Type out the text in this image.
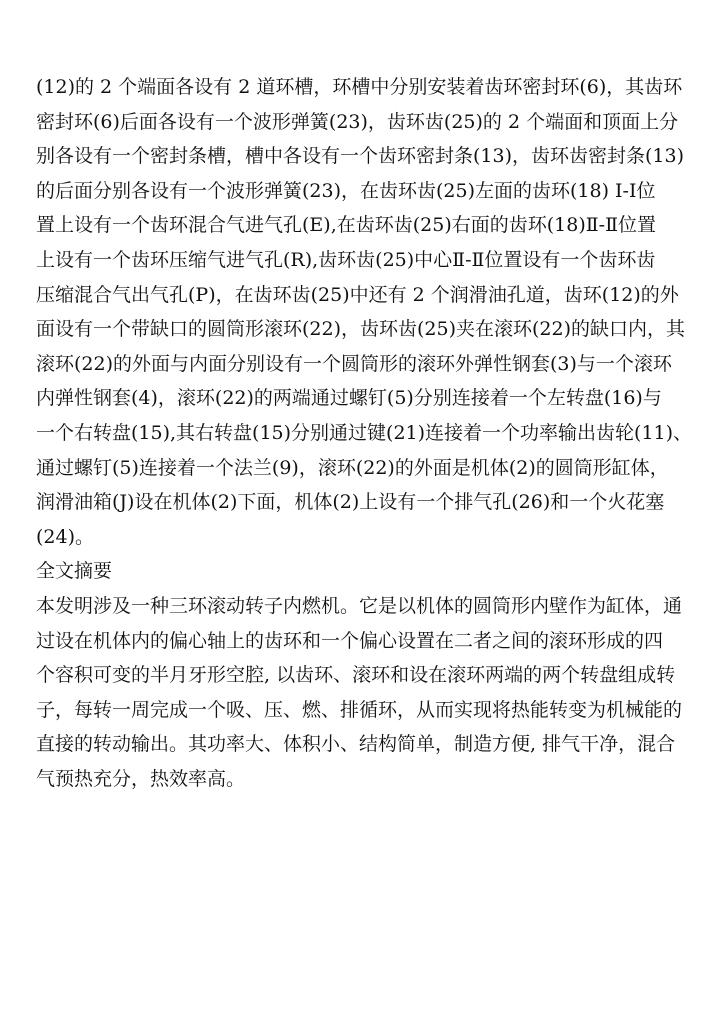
(12)的 2 个端面各设有 2 道环槽，环槽中分别安装着齿环密封环(6)，其齿环
密封环(6)后面各设有一个波形弹簧(23)，齿环齿(25)的 2 个端面和顶面上分
别各设有一个密封条槽，槽中各设有一个齿环密封条(13)，齿环齿密封条(13)
的后面分别各设有一个波形弹簧(23)，在齿环齿(25)左面的齿环(18) Ⅰ-Ⅰ位
置上设有一个齿环混合气进气孔(E),在齿环齿(25)右面的齿环(18)Ⅱ-Ⅱ位置
上设有一个齿环压缩气进气孔(R),齿环齿(25)中心Ⅱ-Ⅱ位置设有一个齿环齿
压缩混合气出气孔(P)，在齿环齿(25)中还有 2 个润滑油孔道，齿环(12)的外
面设有一个带缺口的圆筒形滚环(22)，齿环齿(25)夹在滚环(22)的缺口内，其
滚环(22)的外面与内面分别设有一个圆筒形的滚环外弹性钢套(3)与一个滚环
内弹性钢套(4)，滚环(22)的两端通过螺钉(5)分别连接着一个左转盘(16)与
一个右转盘(15),其右转盘(15)分别通过键(21)连接着一个功率输出齿轮(11)、
通过螺钉(5)连接着一个法兰(9)，滚环(22)的外面是机体(2)的圆筒形缸体，
润滑油箱(J)设在机体(2)下面，机体(2)上设有一个排气孔(26)和一个火花塞
(24)。
全文摘要
本发明涉及一种三环滚动转子内燃机。它是以机体的圆筒形内壁作为缸体，通
过设在机体内的偏心轴上的齿环和一个偏心设置在二者之间的滚环形成的四
个容积可变的半月牙形空腔, 以齿环、滚环和设在滚环两端的两个转盘组成转
子，每转一周完成一个吸、压、燃、排循环，从而实现将热能转变为机械能的
直接的转动输出。其功率大、体积小、结构简单，制造方便, 排气干净，混合
气预热充分，热效率高。
